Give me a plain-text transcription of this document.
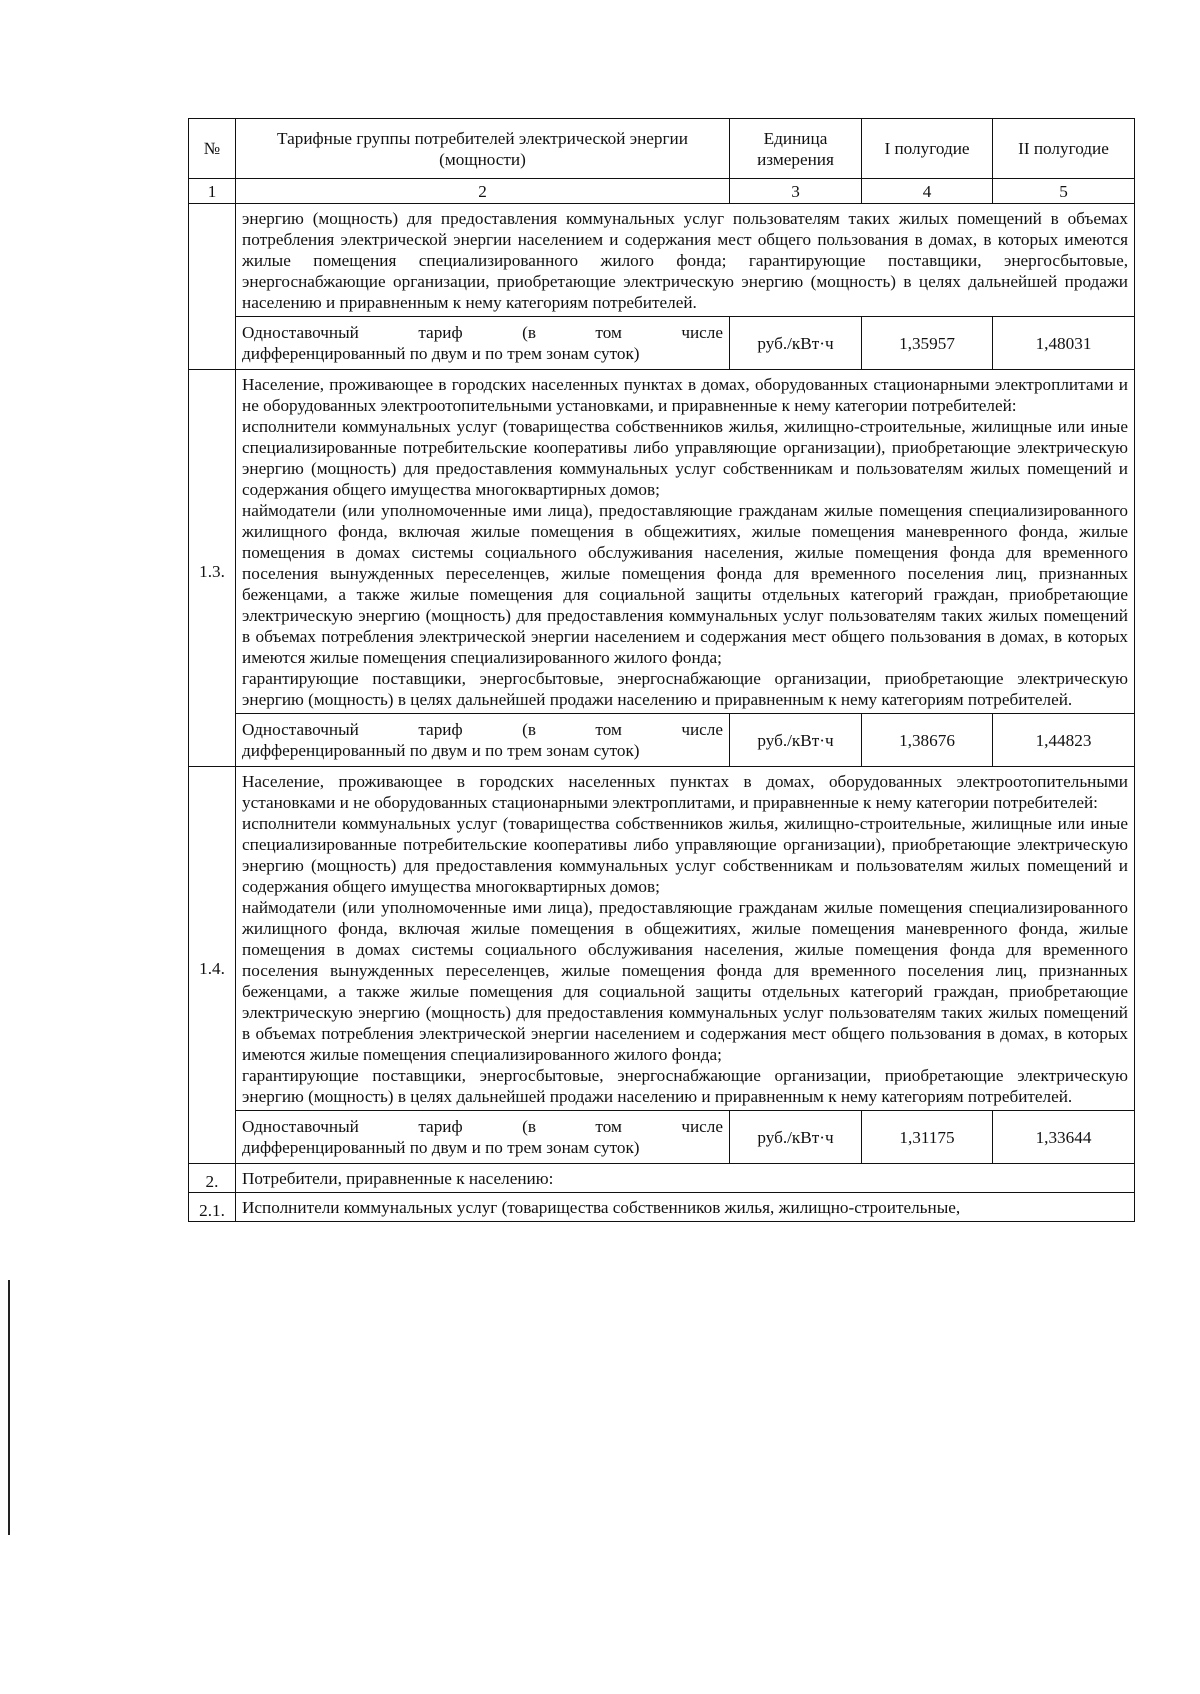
№	Тарифные группы потребителей электрической энергии (мощности)	Единица измерения	I полугодие	II полугодие

1	2	3	4	5

	энергию (мощность) для предоставления коммунальных услуг пользователям таких жилых помещений в объемах потребления электрической энергии населением и содержания мест общего пользования в домах, в которых имеются жилые помещения специализированного жилого фонда; гарантирующие поставщики, энергосбытовые, энергоснабжающие организации, приобретающие электрическую энергию (мощность) в целях дальнейшей продажи населению и приравненным к нему категориям потребителей.			

	Одноставочный тариф (в том числе
дифференцированный по двум и по трем зонам суток)	руб./кВт·ч	1,35957	1,48031
1.3.	Население, проживающее в городских населенных пунктах в домах, оборудованных стационарными электроплитами и не оборудованных электроотопительными установками, и приравненные к нему категории потребителей:

исполнители коммунальных услуг (товарищества собственников жилья, жилищно-строительные, жилищные или иные специализированные потребительские кооперативы либо управляющие организации), приобретающие электрическую энергию (мощность) для предоставления коммунальных услуг собственникам и пользователям жилых помещений и содержания общего имущества многоквартирных домов;

наймодатели (или уполномоченные ими лица), предоставляющие гражданам жилые помещения специализированного жилищного фонда, включая жилые помещения в общежитиях, жилые помещения маневренного фонда, жилые помещения в домах системы социального обслуживания населения, жилые помещения фонда для временного поселения вынужденных переселенцев, жилые помещения фонда для временного поселения лиц, признанных беженцами, а также жилые помещения для социальной защиты отдельных категорий граждан, приобретающие электрическую энергию (мощность) для предоставления коммунальных услуг пользователям таких жилых помещений в объемах потребления электрической энергии населением и содержания мест общего пользования в домах, в которых имеются жилые помещения специализированного жилого фонда;

гарантирующие поставщики, энергосбытовые, энергоснабжающие организации, приобретающие электрическую энергию (мощность) в целях дальнейшей продажи населению и приравненным к нему категориям потребителей.			

	Одноставочный тариф (в том числе
дифференцированный по двум и по трем зонам суток)	руб./кВт·ч	1,38676	1,44823
1.4.	Население, проживающее в городских населенных пунктах в домах, оборудованных электроотопительными установками и не оборудованных стационарными электроплитами, и приравненные к нему категории потребителей:

исполнители коммунальных услуг (товарищества собственников жилья, жилищно-строительные, жилищные или иные специализированные потребительские кооперативы либо управляющие организации), приобретающие электрическую энергию (мощность) для предоставления коммунальных услуг собственникам и пользователям жилых помещений и содержания общего имущества многоквартирных домов;

наймодатели (или уполномоченные ими лица), предоставляющие гражданам жилые помещения специализированного жилищного фонда, включая жилые помещения в общежитиях, жилые помещения маневренного фонда, жилые помещения в домах системы социального обслуживания населения, жилые помещения фонда для временного поселения вынужденных переселенцев, жилые помещения фонда для временного поселения лиц, признанных беженцами, а также жилые помещения для социальной защиты отдельных категорий граждан, приобретающие электрическую энергию (мощность) для предоставления коммунальных услуг пользователям таких жилых помещений в объемах потребления электрической энергии населением и содержания мест общего пользования в домах, в которых имеются жилые помещения специализированного жилого фонда;

гарантирующие поставщики, энергосбытовые, энергоснабжающие организации, приобретающие электрическую энергию (мощность) в целях дальнейшей продажи населению и приравненным к нему категориям потребителей.			

	Одноставочный тариф (в том числе
дифференцированный по двум и по трем зонам суток)	руб./кВт·ч	1,31175	1,33644
2.	Потребители, приравненные к населению:			
2.1.	Исполнители коммунальных услуг (товарищества собственников жилья, жилищно-строительные,			
